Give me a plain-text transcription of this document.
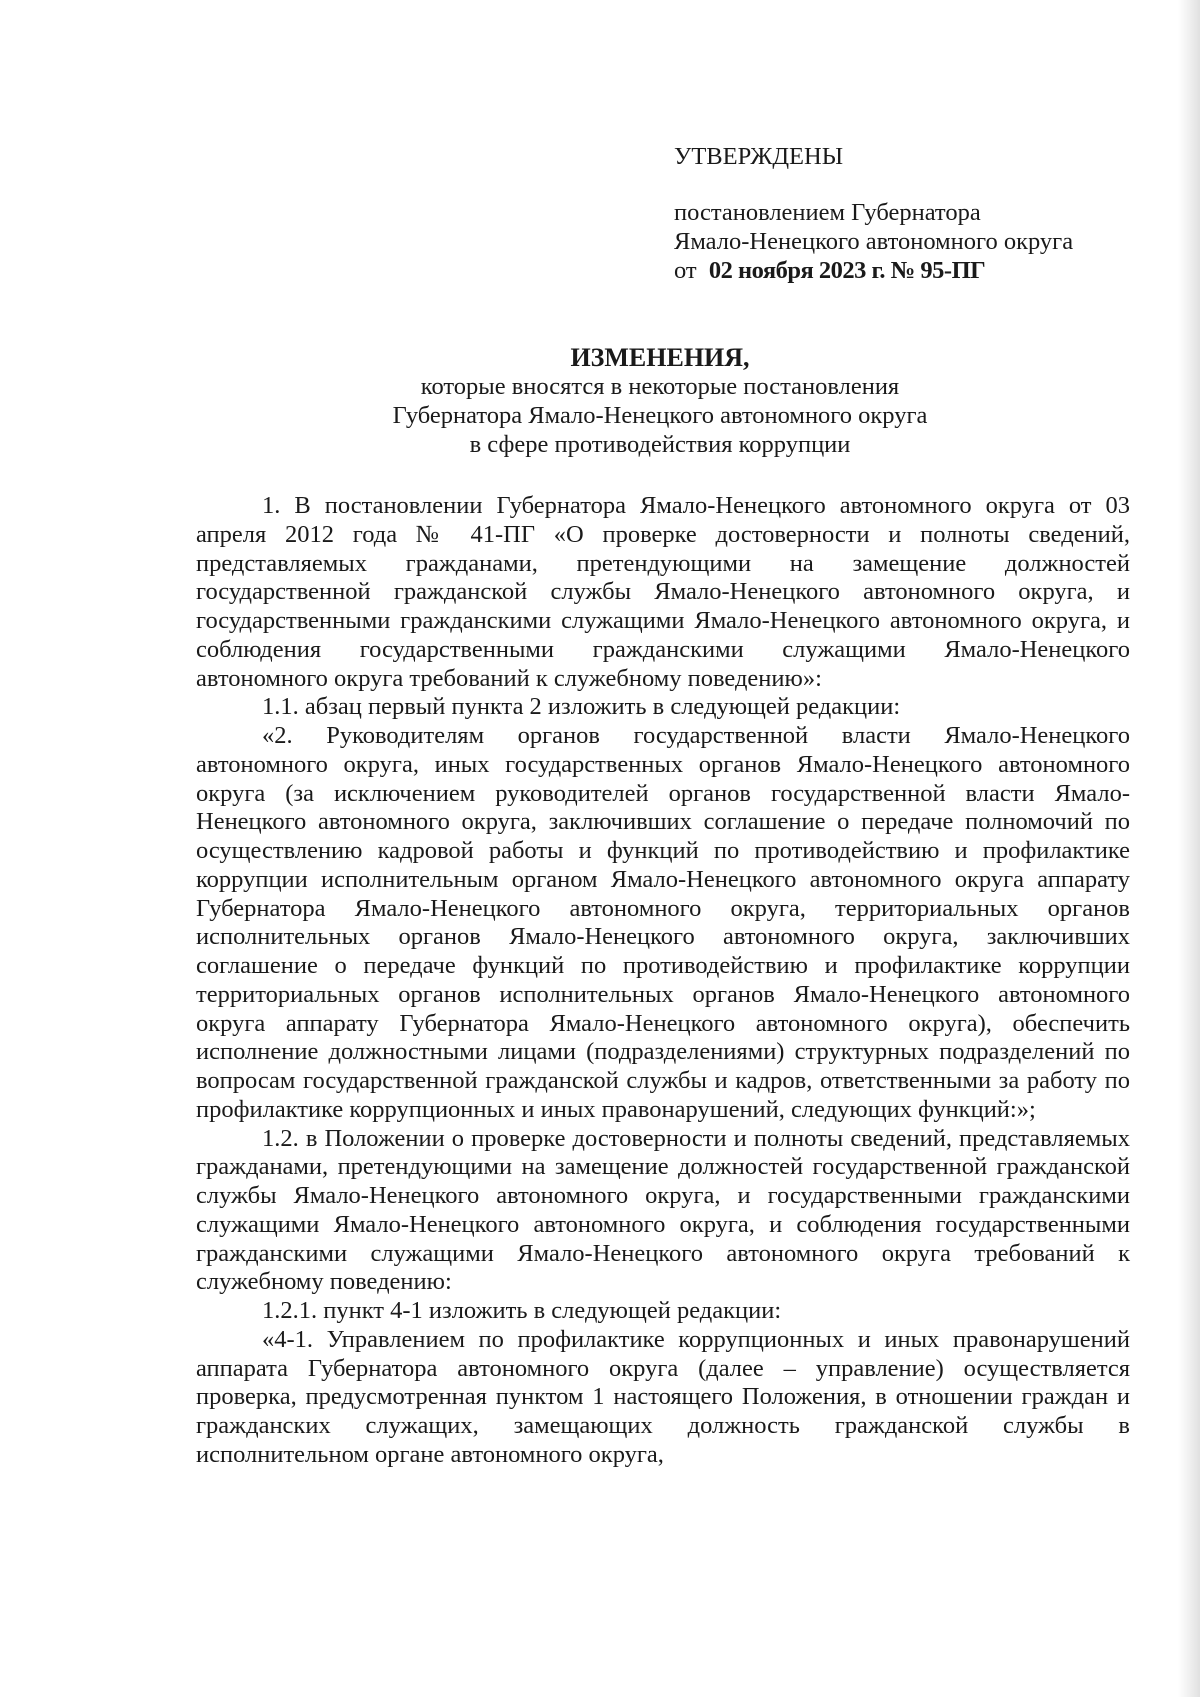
УТВЕРЖДЕНЫ
постановлением Губернатора
Ямало-Ненецкого автономного округа
от 02 ноября 2023 г. № 95-ПГ
ИЗМЕНЕНИЯ,
которые вносятся в некоторые постановления
Губернатора Ямало-Ненецкого автономного округа
в сфере противодействия коррупции

1. В постановлении Губернатора Ямало-Ненецкого автономного округа от 03 апреля 2012 года № 41-ПГ «О проверке достоверности и полноты сведений, представляемых гражданами, претендующими на замещение должностей государственной гражданской службы Ямало-Ненецкого автономного округа, и государственными гражданскими служащими Ямало-Ненецкого автономного округа, и соблюдения государственными гражданскими служащими Ямало-Ненецкого автономного округа требований к служебному поведению»:

1.1. абзац первый пункта 2 изложить в следующей редакции:

«2. Руководителям органов государственной власти Ямало-Ненецкого автономного округа, иных государственных органов Ямало-Ненецкого автономного округа (за исключением руководителей органов государственной власти Ямало-Ненецкого автономного округа, заключивших соглашение о передаче полномочий по осуществлению кадровой работы и функций по противодействию и профилактике коррупции исполнительным органом Ямало-Ненецкого автономного округа аппарату Губернатора Ямало-Ненецкого автономного округа, территориальных органов исполнительных органов Ямало-Ненецкого автономного округа, заключивших соглашение о передаче функций по противодействию и профилактике коррупции территориальных органов исполнительных органов Ямало-Ненецкого автономного округа аппарату Губернатора Ямало-Ненецкого автономного округа), обеспечить исполнение должностными лицами (подразделениями) структурных подразделений по вопросам государственной гражданской службы и кадров, ответственными за работу по профилактике коррупционных и иных правонарушений, следующих функций:»;

1.2. в Положении о проверке достоверности и полноты сведений, представляемых гражданами, претендующими на замещение должностей государственной гражданской службы Ямало-Ненецкого автономного округа, и государственными гражданскими служащими Ямало-Ненецкого автономного округа, и соблюдения государственными гражданскими служащими Ямало-Ненецкого автономного округа требований к служебному поведению:

1.2.1. пункт 4-1 изложить в следующей редакции:

«4-1. Управлением по профилактике коррупционных и иных правонарушений аппарата Губернатора автономного округа (далее – управление) осуществляется проверка, предусмотренная пунктом 1 настоящего Положения, в отношении граждан и гражданских служащих, замещающих должность гражданской службы в исполнительном органе автономного округа,
